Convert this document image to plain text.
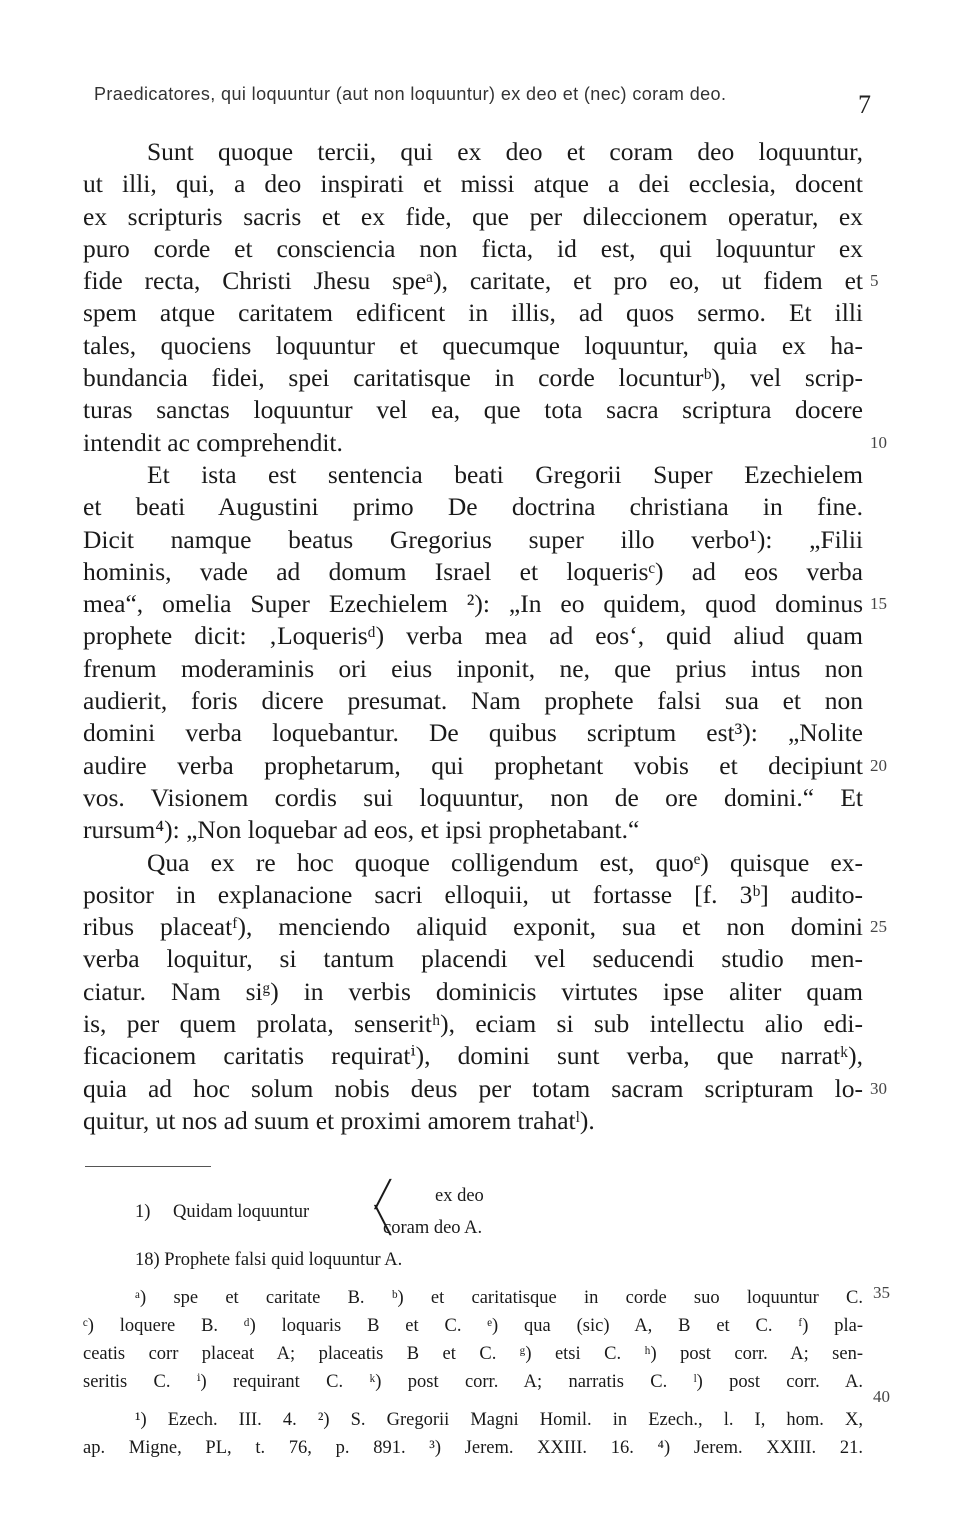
Praedicatores, qui loquuntur (aut non loquuntur) ex deo et (nec) coram deo.	7
Sunt quoque tercii, qui ex deo et coram deo loquuntur,
ut illi, qui, a deo inspirati et missi atque a dei ecclesia, docent
ex scripturis sacris et ex fide, que per dileccionem operatur, ex
puro corde et consciencia non ficta, id est, qui loquuntur ex
fide recta, Christi Jhesu speᵃ), caritate, et pro eo, ut fidem et
spem atque caritatem edificent in illis, ad quos sermo. Et illi
tales, quociens loquuntur et quecumque loquuntur, quia ex ha-
bundancia fidei, spei caritatisque in corde locunturᵇ), vel scrip-
turas sanctas loquuntur vel ea, que tota sacra scriptura docere
intendit ac comprehendit.
Et ista est sentencia beati Gregorii Super Ezechielem
et beati Augustini primo De doctrina christiana in fine.
Dicit namque beatus Gregorius super illo verbo¹): „Filii
hominis, vade ad domum Israel et loquerisᶜ) ad eos verba
mea“, omelia Super Ezechielem ²): „In eo quidem, quod dominus
prophete dicit: ‚Loquerisᵈ) verba mea ad eos‘, quid aliud quam
frenum moderaminis ori eius inponit, ne, que prius intus non
audierit, foris dicere presumat. Nam prophete falsi sua et non
domini verba loquebantur. De quibus scriptum est³): „Nolite
audire verba prophetarum, qui prophetant vobis et decipiunt
vos. Visionem cordis sui loquuntur, non de ore domini.“ Et
rursum⁴): „Non loquebar ad eos, et ipsi prophetabant.“
Qua ex re hoc quoque colligendum est, quoᵉ) quisque ex-
positor in explanacione sacri elloquii, ut fortasse [f. 3ᵇ] audito-
ribus placeatᶠ), menciendo aliquid exponit, sua et non domini
verba loquitur, si tantum placendi vel seducendi studio men-
ciatur. Nam siᵍ) in verbis dominicis virtutes ipse aliter quam
is, per quem prolata, senseritʰ), eciam si sub intellectu alio edi-
ficacionem caritatis requiratⁱ), domini sunt verba, que narratᵏ),
quia ad hoc solum nobis deus per totam sacram scripturam lo-
quitur, ut nos ad suum et proximi amorem trahatˡ).
5
10
15
20
25
30
1) Quidam loquuntur
╱
╲
ex deo
coram deo A.
18) Prophete falsi quid loquuntur A.
ᵃ) spe et caritate B. ᵇ) et caritatisque in corde suo loquuntur C.
ᶜ) loquere B. ᵈ) loquaris B et C. ᵉ) qua (sic) A, B et C. ᶠ) pla-
ceatis corr placeat A; placeatis B et C. ᵍ) etsi C. ʰ) post corr. A; sen-
seritis C. ⁱ) requirant C. ᵏ) post corr. A; narratis C. ˡ) post corr. A.
¹) Ezech. III. 4. ²) S. Gregorii Magni Homil. in Ezech., l. I, hom. X,
ap. Migne, PL, t. 76, p. 891. ³) Jerem. XXIII. 16. ⁴) Jerem. XXIII. 21.
35
40
